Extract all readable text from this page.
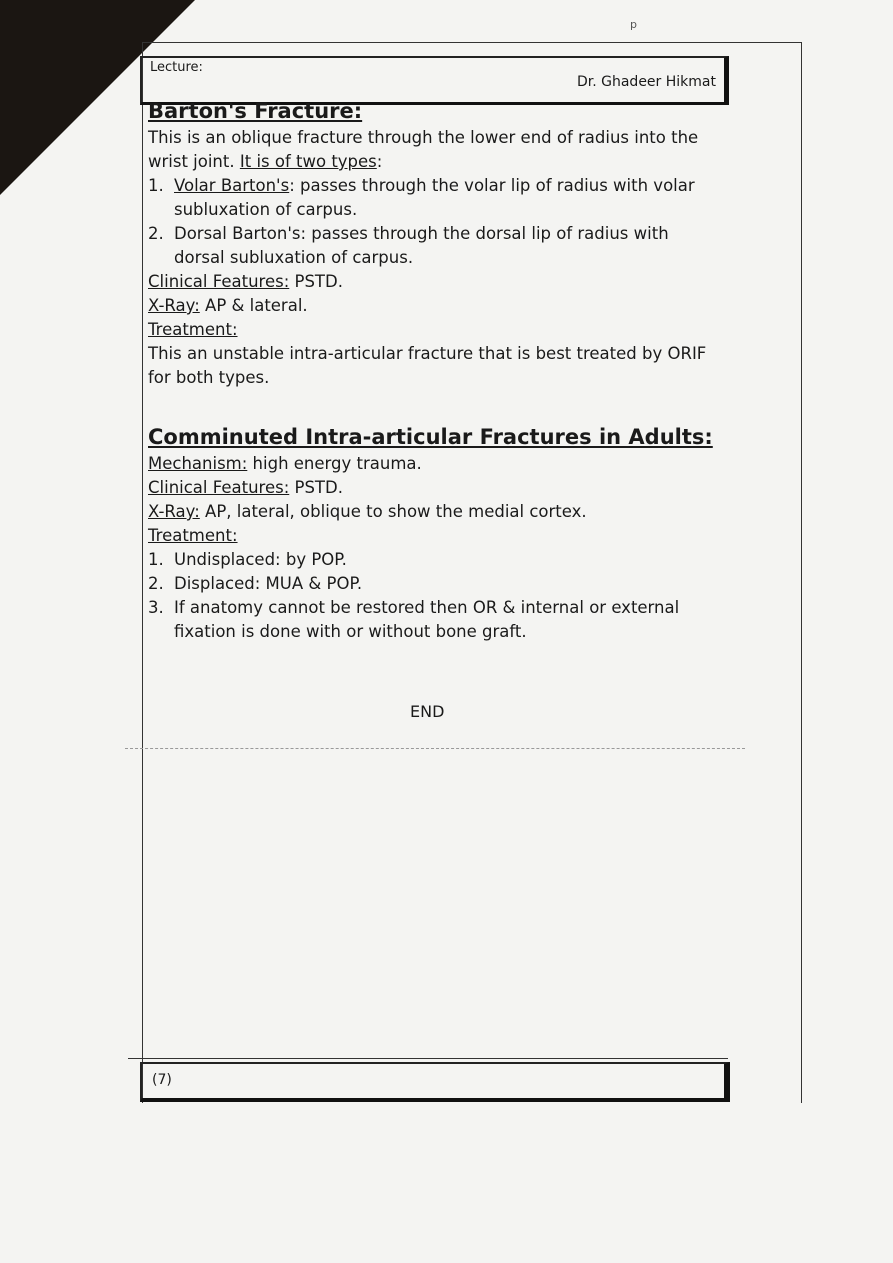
p
Lecture:
Dr. Ghadeer Hikmat
Barton's Fracture:

This is an oblique fracture through the lower end of radius into the wrist joint. It is of two types:

1. Volar Barton's: passes through the volar lip of radius with volar subluxation of carpus.
2. Dorsal Barton's: passes through the dorsal lip of radius with dorsal subluxation of carpus.

Clinical Features: PSTD.

X-Ray: AP & lateral.

Treatment:

This an unstable intra-articular fracture that is best treated by ORIF for both types.

Comminuted Intra-articular Fractures in Adults:

Mechanism: high energy trauma.

Clinical Features: PSTD.

X-Ray: AP, lateral, oblique to show the medial cortex.

Treatment:

1. Undisplaced: by POP.
2. Displaced: MUA & POP.
3. If anatomy cannot be restored then OR & internal or external fixation is done with or without bone graft.
END
(7)
